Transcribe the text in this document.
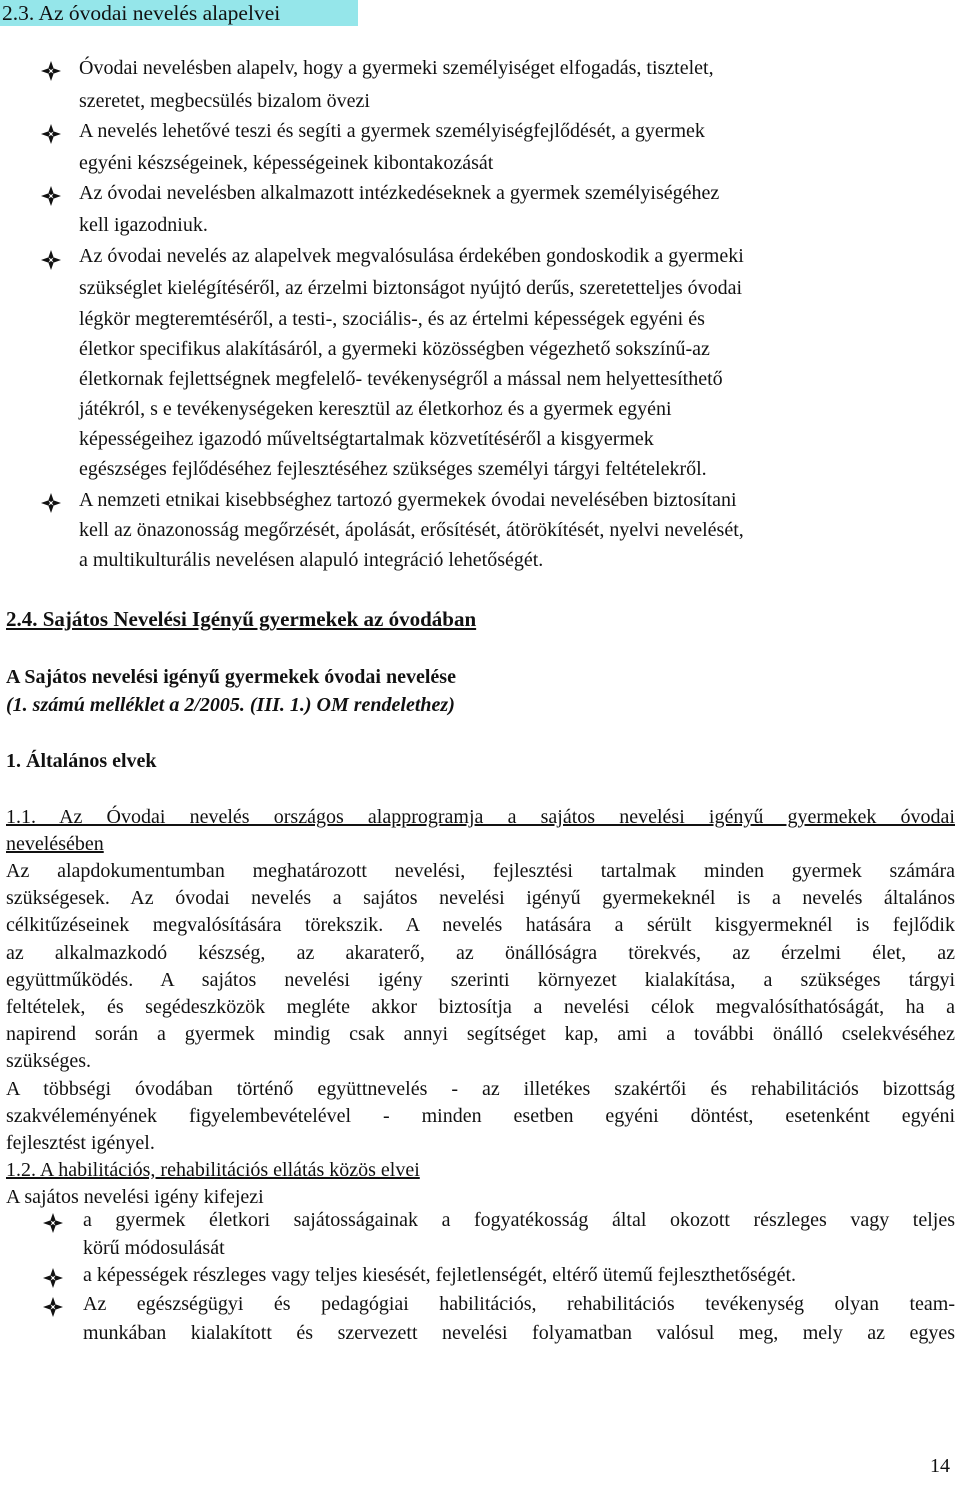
2.3. Az óvodai nevelés alapelvei
Óvodai nevelésben alapelv, hogy a gyermeki személyiséget elfogadás, tisztelet,
szeretet, megbecsülés bizalom övezi
A nevelés lehetővé teszi és segíti a gyermek személyiségfejlődését, a gyermek
egyéni készségeinek, képességeinek kibontakozását
Az óvodai nevelésben alkalmazott intézkedéseknek a gyermek személyiségéhez
kell igazodniuk.
Az óvodai nevelés az alapelvek megvalósulása érdekében gondoskodik a gyermeki
szükséglet kielégítéséről, az érzelmi biztonságot nyújtó derűs, szeretetteljes óvodai
légkör megteremtéséről, a testi-, szociális-, és az értelmi képességek egyéni és
életkor specifikus alakításáról, a gyermeki közösségben végezhető sokszínű-az
életkornak fejlettségnek megfelelő- tevékenységről a mással nem helyettesíthető
játékról, s e tevékenységeken keresztül az életkorhoz és a gyermek egyéni
képességeihez igazodó műveltségtartalmak közvetítéséről a kisgyermek
egészséges fejlődéséhez fejlesztéséhez szükséges személyi tárgyi feltételekről.
A nemzeti etnikai kisebbséghez tartozó gyermekek óvodai nevelésében biztosítani
kell az önazonosság megőrzését, ápolását, erősítését, átörökítését, nyelvi nevelését,
a multikulturális nevelésen alapuló integráció lehetőségét.
2.4. Sajátos Nevelési Igényű gyermekek az óvodában
A Sajátos nevelési igényű gyermekek óvodai nevelése
(1. számú melléklet a 2/2005. (III. 1.) OM rendelethez)
1. Általános elvek
1.1. Az Óvodai nevelés országos alapprogramja a sajátos nevelési igényű gyermekek óvodai
nevelésében
Az alapdokumentumban meghatározott nevelési, fejlesztési tartalmak minden gyermek számára
szükségesek. Az óvodai nevelés a sajátos nevelési igényű gyermekeknél is a nevelés általános
célkitűzéseinek megvalósítására törekszik. A nevelés hatására a sérült kisgyermeknél is fejlődik
az alkalmazkodó készség, az akaraterő, az önállóságra törekvés, az érzelmi élet, az
együttműködés. A sajátos nevelési igény szerinti környezet kialakítása, a szükséges tárgyi
feltételek, és segédeszközök megléte akkor biztosítja a nevelési célok megvalósíthatóságát, ha a
napirend során a gyermek mindig csak annyi segítséget kap, ami a további önálló cselekvéséhez
szükséges.
A többségi óvodában történő együttnevelés - az illetékes szakértői és rehabilitációs bizottság
szakvéleményének figyelembevételével - minden esetben egyéni döntést, esetenként egyéni
fejlesztést igényel.
1.2. A habilitációs, rehabilitációs ellátás közös elvei
A sajátos nevelési igény kifejezi
a gyermek életkori sajátosságainak a fogyatékosság által okozott részleges vagy teljes
körű módosulását
a képességek részleges vagy teljes kiesését, fejletlenségét, eltérő ütemű fejleszthetőségét.
Az egészségügyi és pedagógiai habilitációs, rehabilitációs tevékenység olyan team-
munkában kialakított és szervezett nevelési folyamatban valósul meg, mely az egyes
14
